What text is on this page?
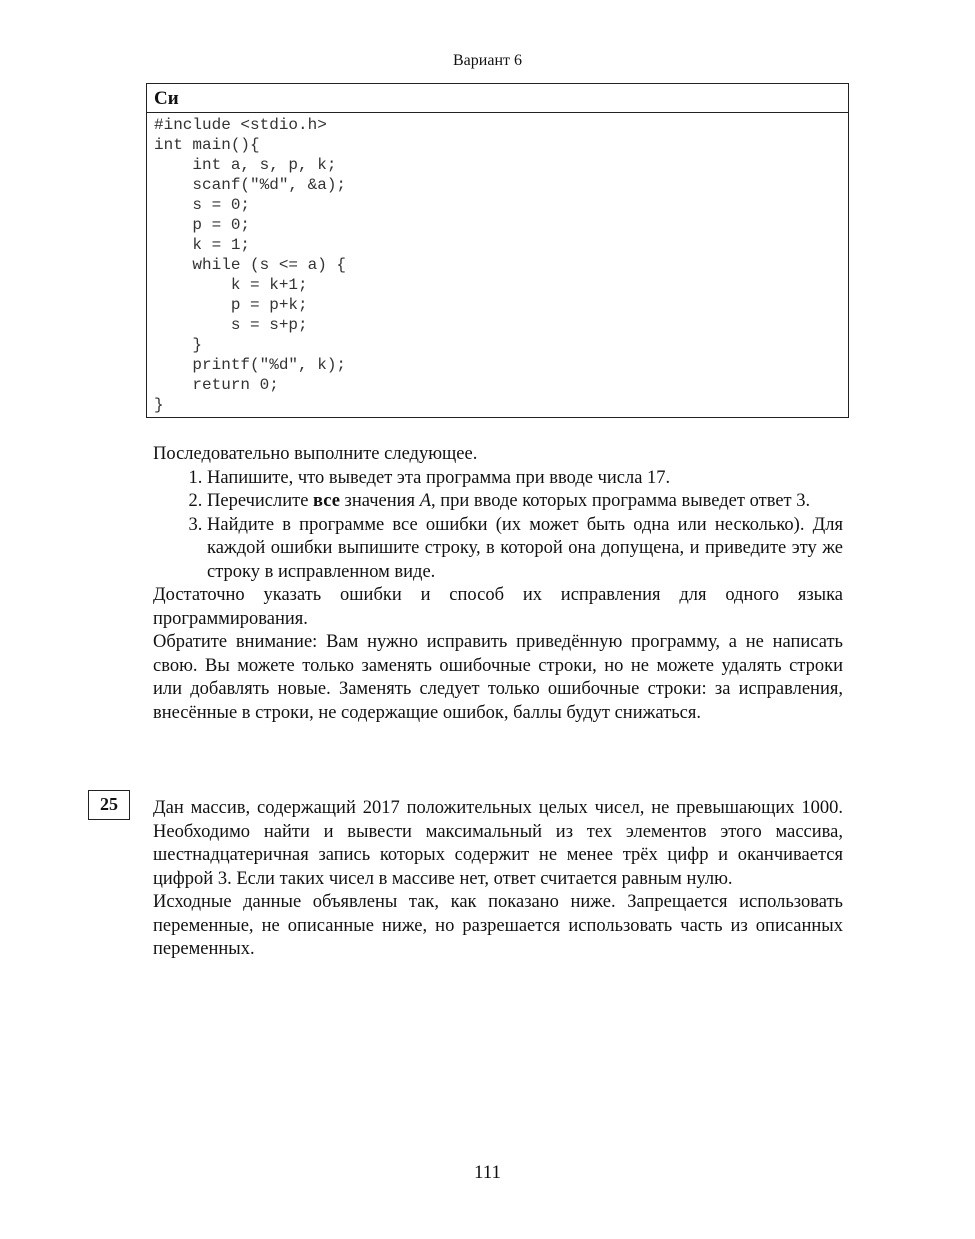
Вариант 6
Си
#include <stdio.h>
int main(){
int a, s, p, k;
scanf("%d", &a);
s = 0;
p = 0;
k = 1;
while (s <= a) {
k = k+1;
p = p+k;
s = s+p;
}
printf("%d", k);
return 0;
}

Последовательно выполните следующее.

1. Напишите, что выведет эта программа при вводе числа 17.
2. Перечислите все значения A, при вводе которых программа выведет ответ 3.
3. Найдите в программе все ошибки (их может быть одна или несколько). Для каждой ошибки выпишите строку, в которой она допущена, и приведите эту же строку в исправленном виде.

Достаточно указать ошибки и способ их исправления для одного языка программирования.

Обратите внимание: Вам нужно исправить приведённую программу, а не написать свою. Вы можете только заменять ошибочные строки, но не можете удалять строки или добавлять новые. Заменять следует только ошибочные строки: за исправления, внесённые в строки, не содержащие ошибок, баллы будут снижаться.

25	Дан массив, содержащий 2017 положительных целых чисел, не превышающих 1000. Необходимо найти и вывести максимальный из тех элементов этого массива, шестнадцатеричная запись которых содержит не менее трёх цифр и оканчивается цифрой 3. Если таких чисел в массиве нет, ответ считается равным нулю.

Исходные данные объявлены так, как показано ниже. Запрещается использовать переменные, не описанные ниже, но разрешается использовать часть из описанных переменных.

111
